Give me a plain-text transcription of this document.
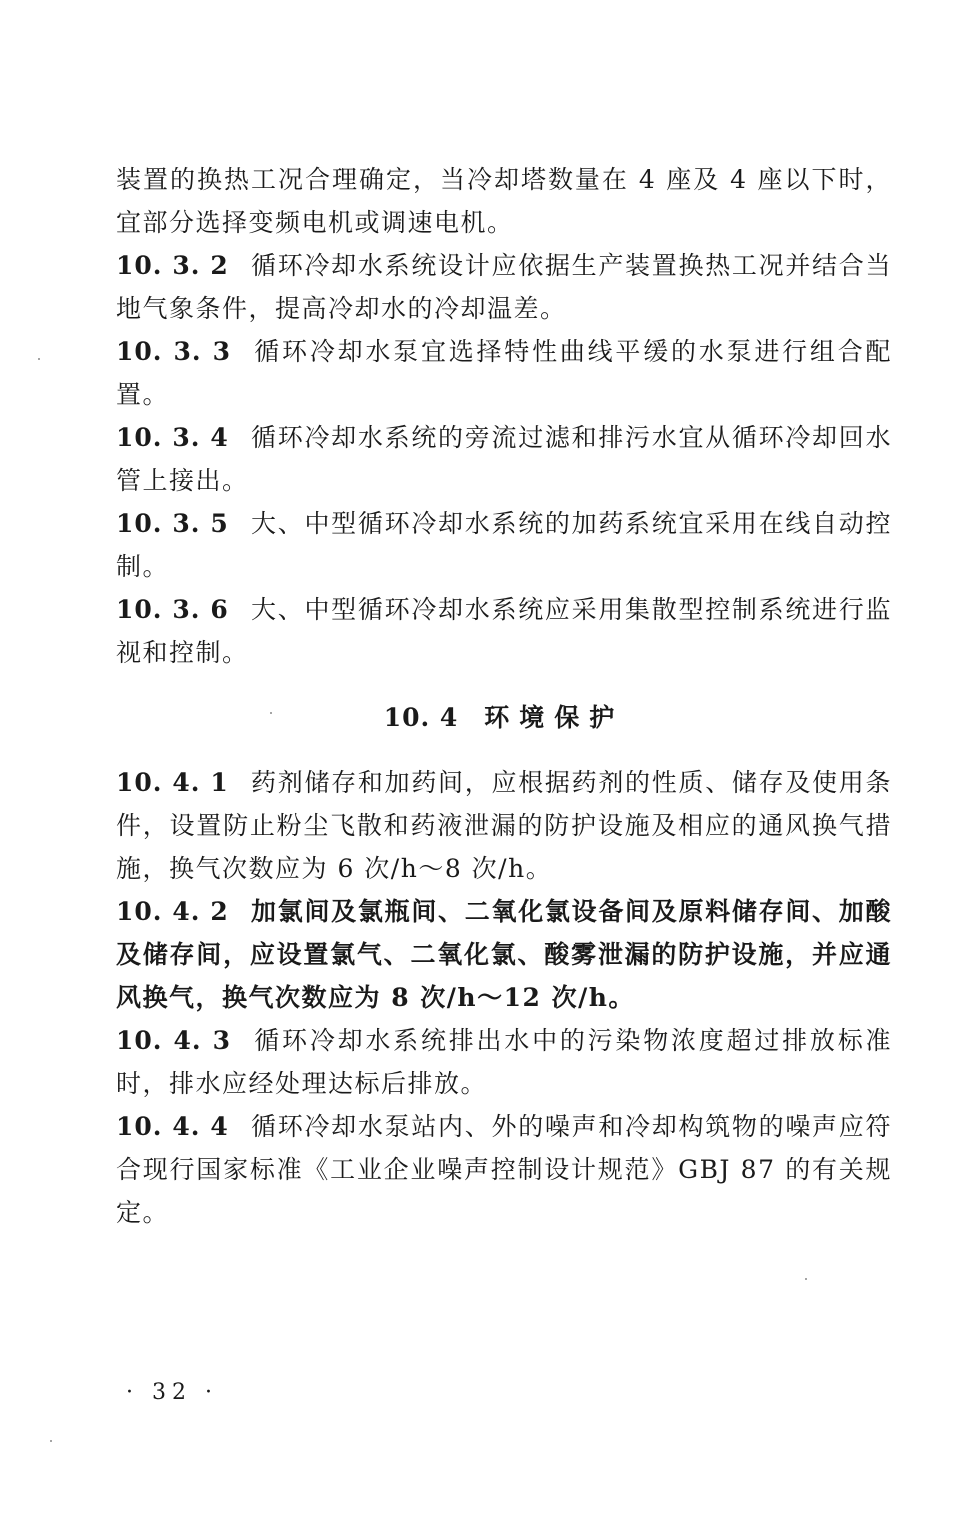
装置的换热工况合理确定，当冷却塔数量在 4 座及 4 座以下时，宜部分选择变频电机或调速电机。

10. 3. 2 循环冷却水系统设计应依据生产装置换热工况并结合当地气象条件，提高冷却水的冷却温差。

10. 3. 3 循环冷却水泵宜选择特性曲线平缓的水泵进行组合配置。

10. 3. 4 循环冷却水系统的旁流过滤和排污水宜从循环冷却回水管上接出。

10. 3. 5 大、中型循环冷却水系统的加药系统宜采用在线自动控制。

10. 3. 6 大、中型循环冷却水系统应采用集散型控制系统进行监视和控制。

10. 4 环境保护

10. 4. 1 药剂储存和加药间，应根据药剂的性质、储存及使用条件，设置防止粉尘飞散和药液泄漏的防护设施及相应的通风换气措施，换气次数应为 6 次/h～8 次/h。

10. 4. 2 加氯间及氯瓶间、二氧化氯设备间及原料储存间、加酸及储存间，应设置氯气、二氧化氯、酸雾泄漏的防护设施，并应通风换气，换气次数应为 8 次/h～12 次/h。

10. 4. 3 循环冷却水系统排出水中的污染物浓度超过排放标准时，排水应经处理达标后排放。

10. 4. 4 循环冷却水泵站内、外的噪声和冷却构筑物的噪声应符合现行国家标准《工业企业噪声控制设计规范》GBJ 87 的有关规定。

· 32 ·
